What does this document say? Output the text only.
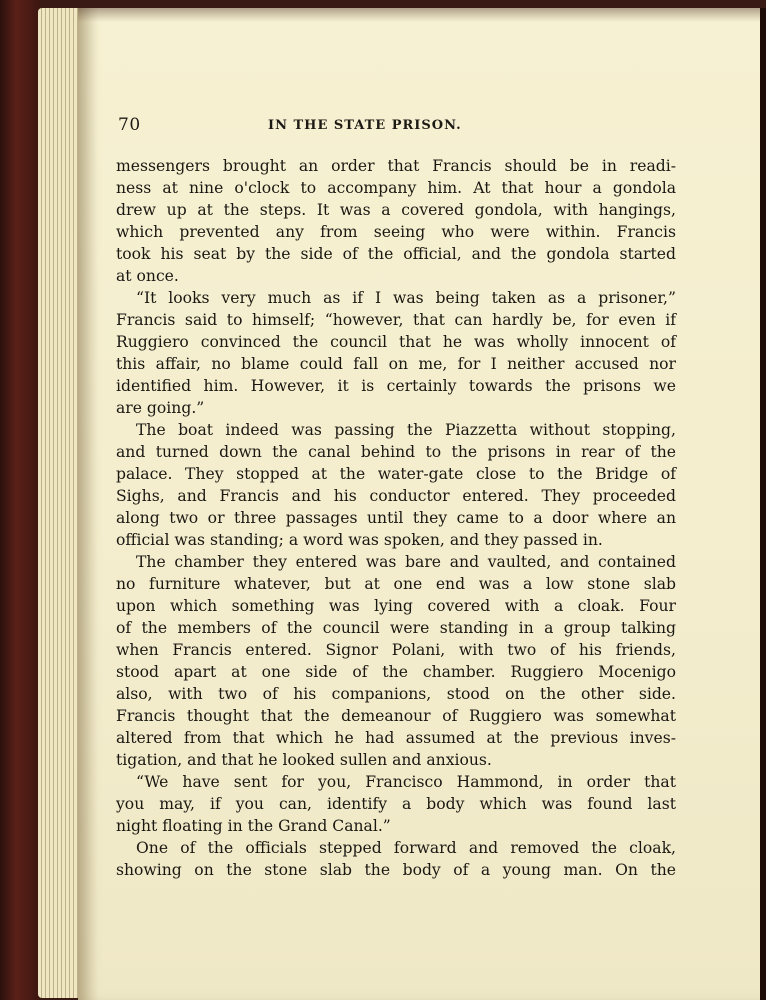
70	IN THE STATE PRISON.
messengers brought an order that Francis should be in readi-
ness at nine o'clock to accompany him. At that hour a gondola
drew up at the steps. It was a covered gondola, with hangings,
which prevented any from seeing who were within. Francis
took his seat by the side of the official, and the gondola started
at once.
“It looks very much as if I was being taken as a prisoner,”
Francis said to himself; “however, that can hardly be, for even if
Ruggiero convinced the council that he was wholly innocent of
this affair, no blame could fall on me, for I neither accused nor
identified him. However, it is certainly towards the prisons we
are going.”
The boat indeed was passing the Piazzetta without stopping,
and turned down the canal behind to the prisons in rear of the
palace. They stopped at the water-gate close to the Bridge of
Sighs, and Francis and his conductor entered. They proceeded
along two or three passages until they came to a door where an
official was standing; a word was spoken, and they passed in.
The chamber they entered was bare and vaulted, and contained
no furniture whatever, but at one end was a low stone slab
upon which something was lying covered with a cloak. Four
of the members of the council were standing in a group talking
when Francis entered. Signor Polani, with two of his friends,
stood apart at one side of the chamber. Ruggiero Mocenigo
also, with two of his companions, stood on the other side.
Francis thought that the demeanour of Ruggiero was somewhat
altered from that which he had assumed at the previous inves-
tigation, and that he looked sullen and anxious.
“We have sent for you, Francisco Hammond, in order that
you may, if you can, identify a body which was found last
night floating in the Grand Canal.”
One of the officials stepped forward and removed the cloak,
showing on the stone slab the body of a young man. On the
